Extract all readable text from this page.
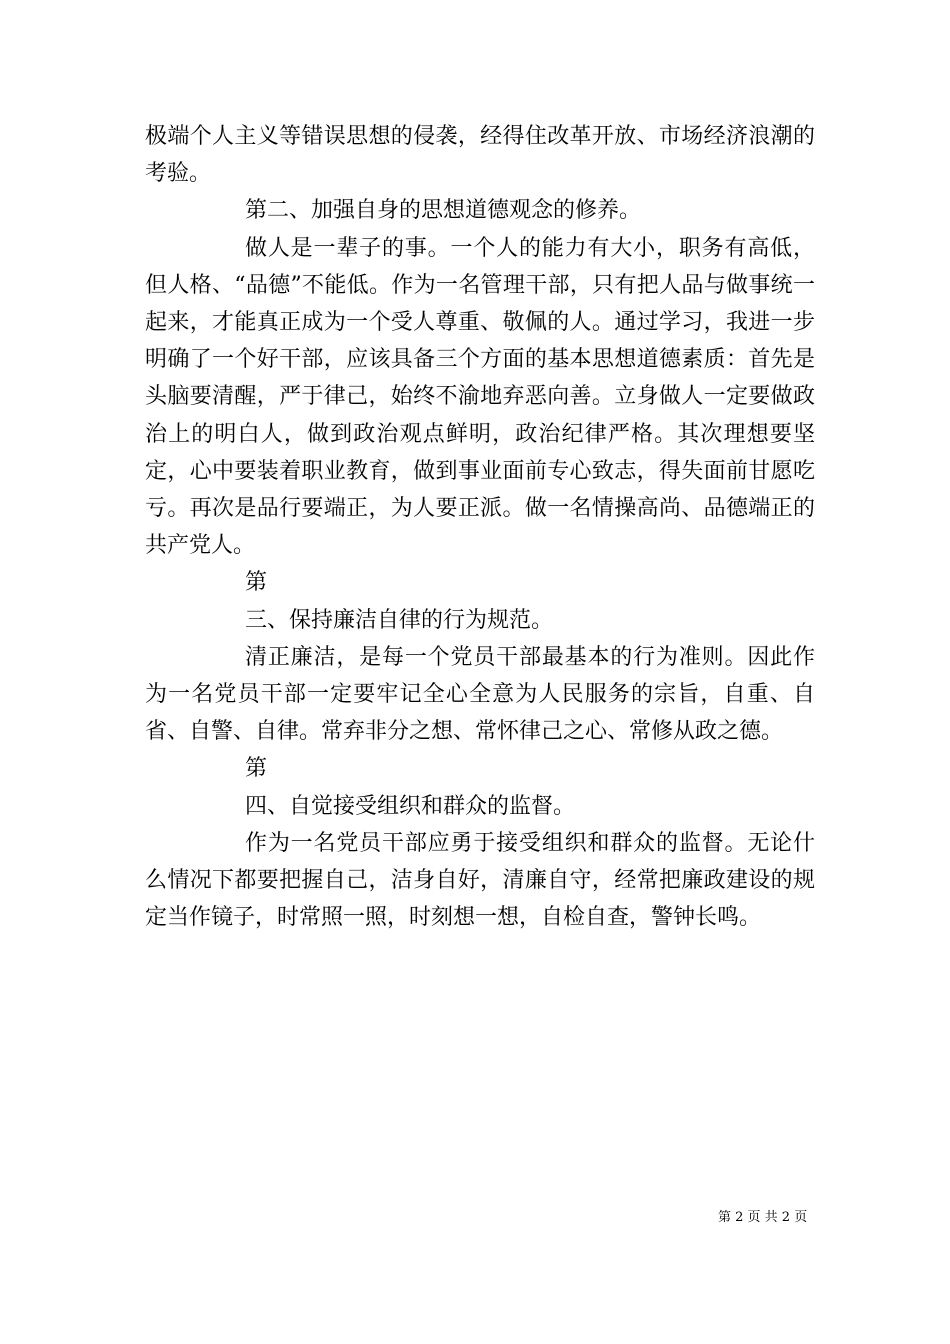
极端个人主义等错误思想的侵袭，经得住改革开放、市场经济浪潮的考验。

第二、加强自身的思想道德观念的修养。

做人是一辈子的事。一个人的能力有大小，职务有高低，但人格、“品德”不能低。作为一名管理干部，只有把人品与做事统一起来，才能真正成为一个受人尊重、敬佩的人。通过学习，我进一步明确了一个好干部，应该具备三个方面的基本思想道德素质：首先是头脑要清醒，严于律己，始终不渝地弃恶向善。立身做人一定要做政治上的明白人，做到政治观点鲜明，政治纪律严格。其次理想要坚定，心中要装着职业教育，做到事业面前专心致志，得失面前甘愿吃亏。再次是品行要端正，为人要正派。做一名情操高尚、品德端正的共产党人。

第

三、保持廉洁自律的行为规范。

清正廉洁，是每一个党员干部最基本的行为准则。因此作为一名党员干部一定要牢记全心全意为人民服务的宗旨，自重、自省、自警、自律。常弃非分之想、常怀律己之心、常修从政之德。

第

四、自觉接受组织和群众的监督。

作为一名党员干部应勇于接受组织和群众的监督。无论什么情况下都要把握自己，洁身自好，清廉自守，经常把廉政建设的规定当作镜子，时常照一照，时刻想一想，自检自查，警钟长鸣。

第 2 页 共 2 页
